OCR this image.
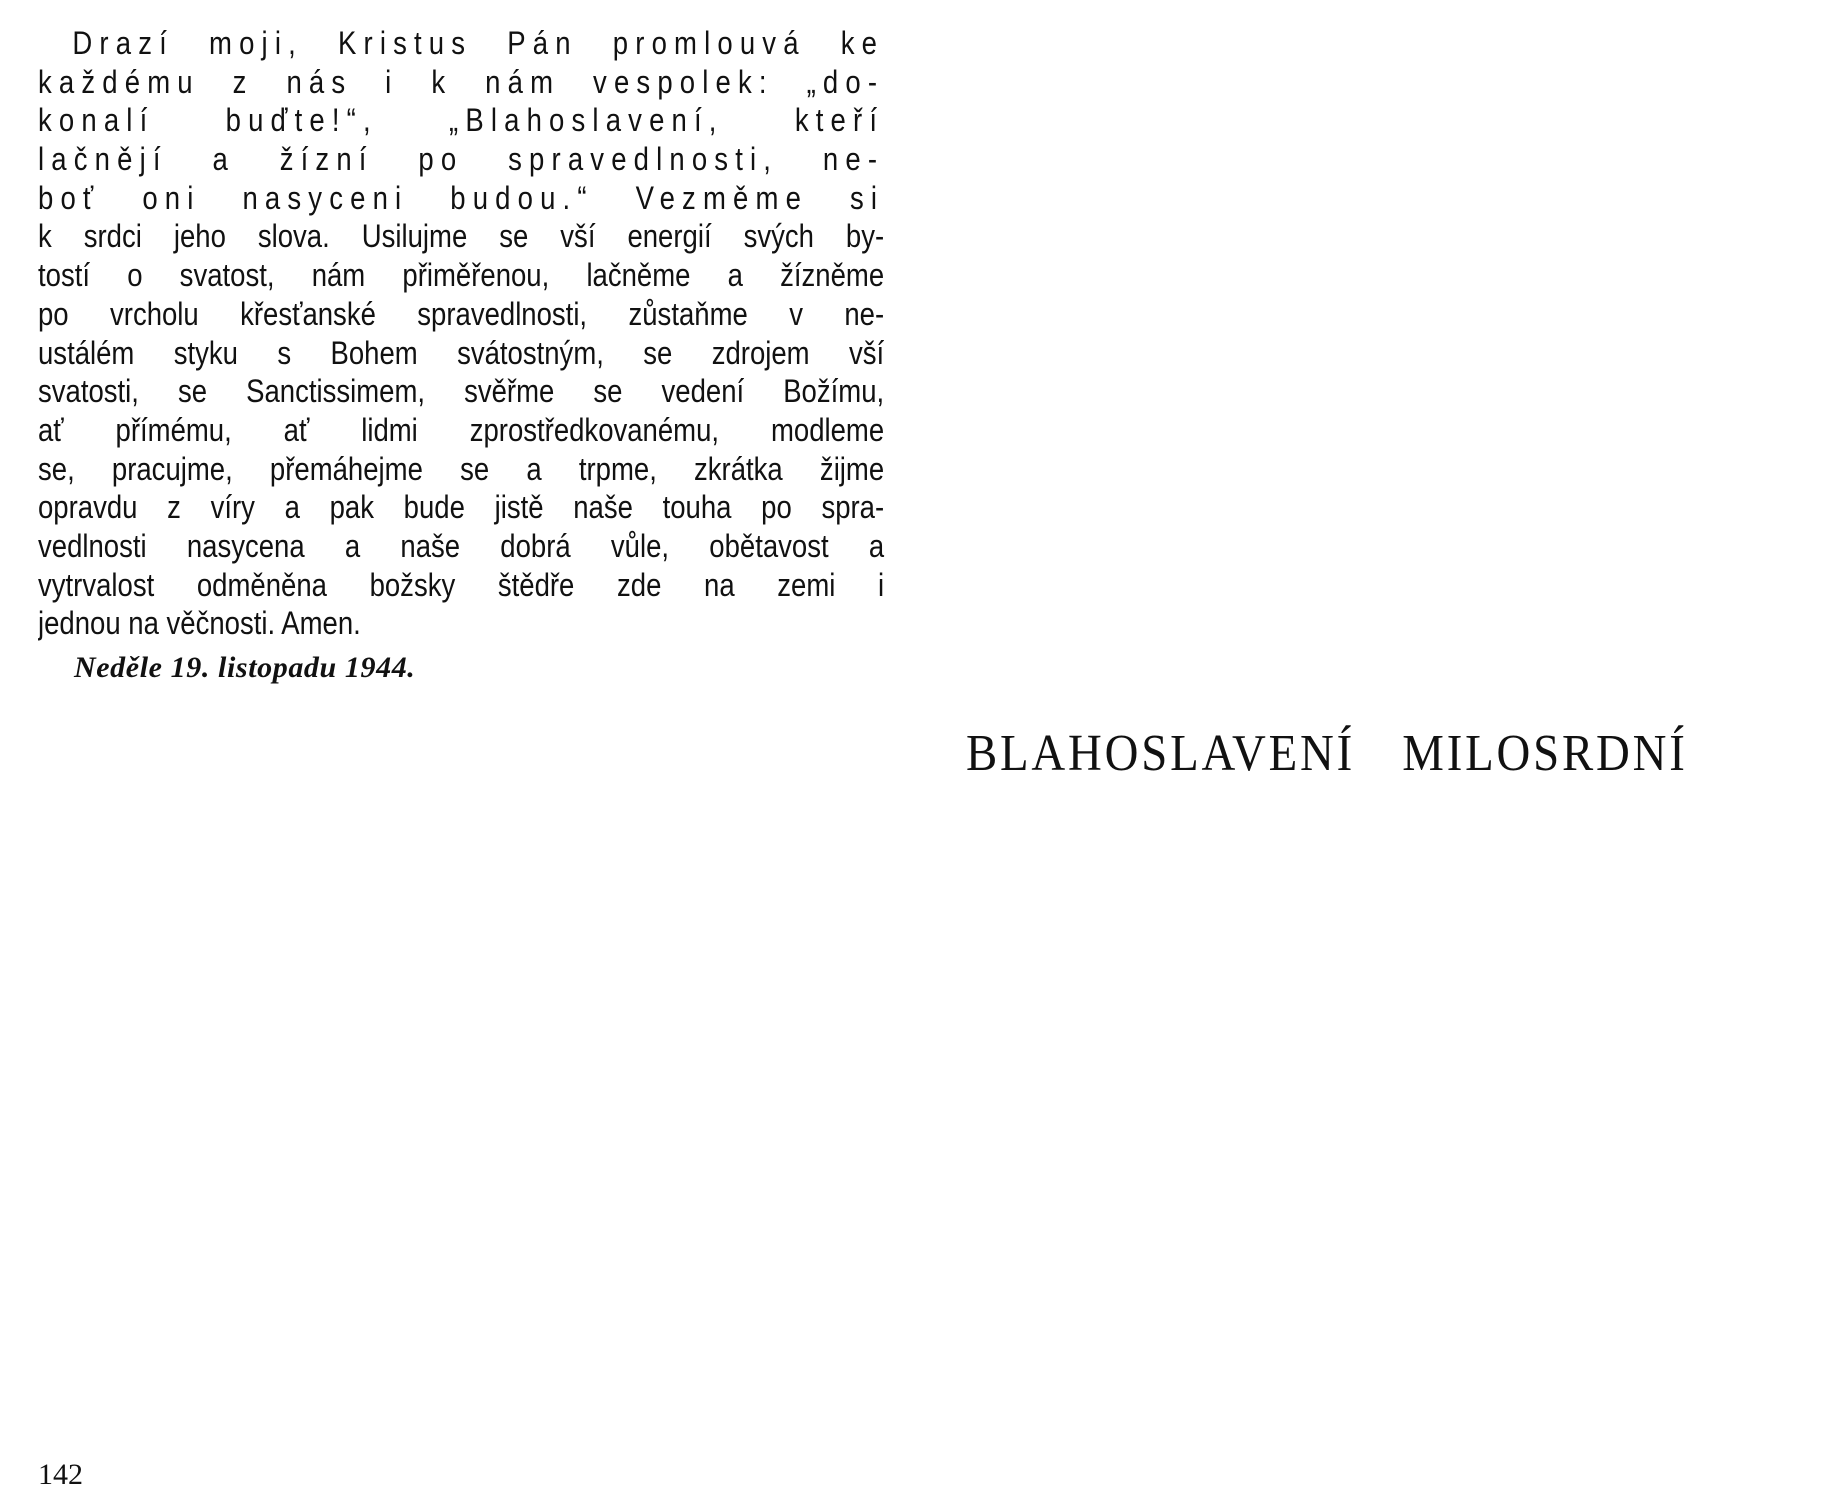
Drazí moji, Kristus Pán promlouvá ke
každému z nás i k nám vespolek: „do-
konalí buďte!“, „Blahoslavení, kteří
lačnějí a žízní po spravedlnosti, ne-
boť oni nasyceni budou.“ Vezměme si
k srdci jeho slova. Usilujme se vší energií svých by-
tostí o svatost, nám přiměřenou, lačněme a žízněme
po vrcholu křesťanské spravedlnosti, zůstaňme v ne-
ustálém styku s Bohem svátostným, se zdrojem vší
svatosti, se Sanctissimem, svěřme se vedení Božímu,
ať přímému, ať lidmi zprostředkovanému, modleme
se, pracujme, přemáhejme se a trpme, zkrátka žijme
opravdu z víry a pak bude jistě naše touha po spra-
vedlnosti nasycena a naše dobrá vůle, obětavost a
vytrvalost odměněna božsky štědře zde na zemi i
jednou na věčnosti. Amen.
Neděle 19. listopadu 1944.
BLAHOSLAVENÍ MILOSRDNÍ
142
